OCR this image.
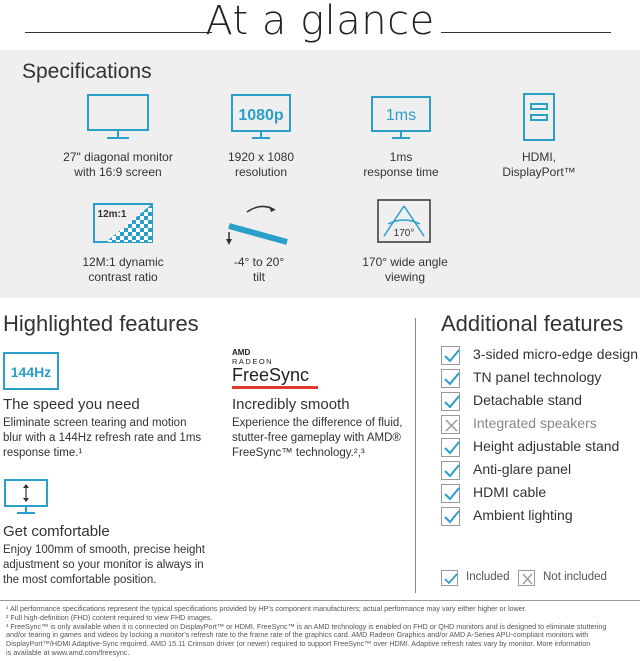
At a glance
Specifications
27" diagonal monitor
with 16:9 screen
1080p
1920 x 1080
resolution
1ms
1ms
response time
HDMI,
DisplayPort™
12m:1
12M:1 dynamic
contrast ratio
-4° to 20°
tilt
170°
170° wide angle
viewing
Highlighted features
144Hz
The speed you need
Eliminate screen tearing and motion
blur with a 144Hz refresh rate and 1ms
response time.¹
AMD
RADEON
FreeSync
Incredibly smooth
Experience the difference of fluid,
stutter-free gameplay with AMD®
FreeSync™ technology.²,³
Get comfortable
Enjoy 100mm of smooth, precise height
adjustment so your monitor is always in
the most comfortable position.
Additional features
3-sided micro-edge design
TN panel technology
Detachable stand
Integrated speakers
Height adjustable stand
Anti-glare panel
HDMI cable
Ambient lighting
Included	Not included

¹ All performance specifications represent the typical specifications provided by HP's component manufacturers; actual performance may vary either higher or lower.

² Full high-definition (FHD) content required to view FHD images.

³ FreeSync™ is only available when it is connected on DisplayPort™ or HDMI. FreeSync™ is an AMD technology is enabled on FHD or QHD monitors and is designed to eliminate stuttering

and/or tearing in games and videos by locking a monitor's refresh rate to the frame rate of the graphics card. AMD Radeon Graphics and/or AMD A-Series APU-compliant monitors with

DisplayPort™/HDMI Adaptive-Sync required. AMD 15.11 Crimson driver (or newer) required to support FreeSync™ over HDMI. Adaptive refresh rates vary by monitor. More information

is available at www.amd.com/freesync.
